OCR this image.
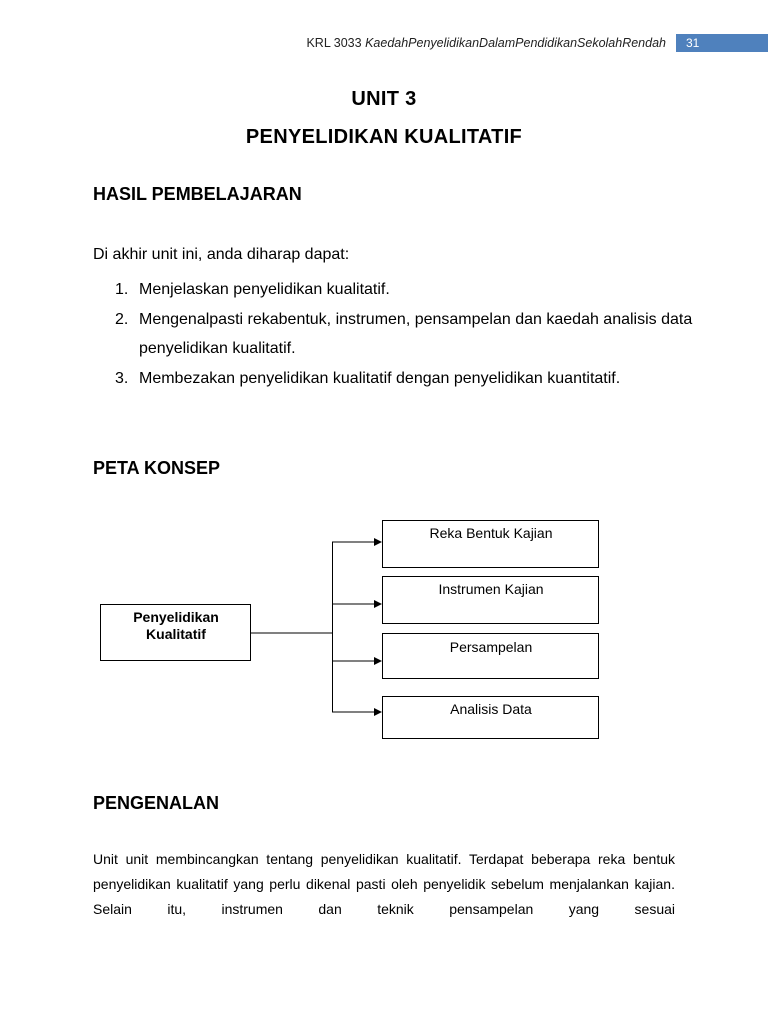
KRL 3033 KaedahPenyelidikanDalamPendidikanSekolahRendah	31
UNIT 3
PENYELIDIKAN KUALITATIF
HASIL PEMBELAJARAN
Di akhir unit ini, anda diharap dapat:
1. Menjelaskan penyelidikan kualitatif.
2. Mengenalpasti rekabentuk, instrumen, pensampelan dan kaedah analisis data penyelidikan kualitatif.
3. Membezakan penyelidikan kualitatif dengan penyelidikan kuantitatif.
PETA KONSEP
Penyelidikan
Kualitatif
Reka Bentuk Kajian
Instrumen Kajian
Persampelan
Analisis Data
PENGENALAN
Unit unit membincangkan tentang penyelidikan kualitatif. Terdapat beberapa reka bentuk penyelidikan kualitatif yang perlu dikenal pasti oleh penyelidik sebelum menjalankan kajian. Selain itu, instrumen dan teknik pensampelan yang sesuai
